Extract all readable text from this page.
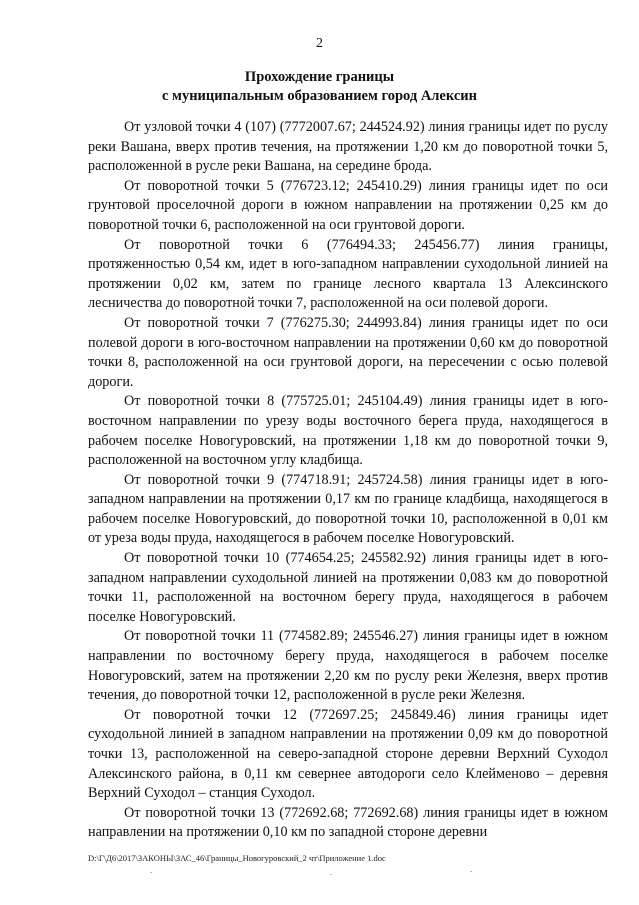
2
Прохождение границы
с муниципальным образованием город Алексин

От узловой точки 4 (107) (7772007.67; 244524.92) линия границы идет по руслу реки Вашана, вверх против течения, на протяжении 1,20 км до поворотной точки 5, расположенной в русле реки Вашана, на середине брода.

От поворотной точки 5 (776723.12; 245410.29) линия границы идет по оси грунтовой проселочной дороги в южном направлении на протяжении 0,25 км до поворотной точки 6, расположенной на оси грунтовой дороги.

От поворотной точки 6 (776494.33; 245456.77) линия границы, протяженностью 0,54 км, идет в юго-западном направлении суходольной линией на протяжении 0,02 км, затем по границе лесного квартала 13 Алексинского лесничества до поворотной точки 7, расположенной на оси полевой дороги.

От поворотной точки 7 (776275.30; 244993.84) линия границы идет по оси полевой дороги в юго-восточном направлении на протяжении 0,60 км до поворотной точки 8, расположенной на оси грунтовой дороги, на пересечении с осью полевой дороги.

От поворотной точки 8 (775725.01; 245104.49) линия границы идет в юго-восточном направлении по урезу воды восточного берега пруда, находящегося в рабочем поселке Новогуровский, на протяжении 1,18 км до поворотной точки 9, расположенной на восточном углу кладбища.

От поворотной точки 9 (774718.91; 245724.58) линия границы идет в юго-западном направлении на протяжении 0,17 км по границе кладбища, находящегося в рабочем поселке Новогуровский, до поворотной точки 10, расположенной в 0,01 км от уреза воды пруда, находящегося в рабочем поселке Новогуровский.

От поворотной точки 10 (774654.25; 245582.92) линия границы идет в юго-западном направлении суходольной линией на протяжении 0,083 км до поворотной точки 11, расположенной на восточном берегу пруда, находящегося в рабочем поселке Новогуровский.

От поворотной точки 11 (774582.89; 245546.27) линия границы идет в южном направлении по восточному берегу пруда, находящегося в рабочем поселке Новогуровский, затем на протяжении 2,20 км по руслу реки Железня, вверх против течения, до поворотной точки 12, расположенной в русле реки Железня.

От поворотной точки 12 (772697.25; 245849.46) линия границы идет суходольной линией в западном направлении на протяжении 0,09 км до поворотной точки 13, расположенной на северо-западной стороне деревни Верхний Суходол Алексинского района, в 0,11 км севернее автодороги село Клейменово – деревня Верхний Суходол – станция Суходол.

От поворотной точки 13 (772692.68; 772692.68) линия границы идет в южном направлении на протяжении 0,10 км по западной стороне деревни

D:\Г\Д6\2017\ЗАКОНЫ\ЗАС_46\Границы_Новогуровский_2 чт\Приложение 1.doc
